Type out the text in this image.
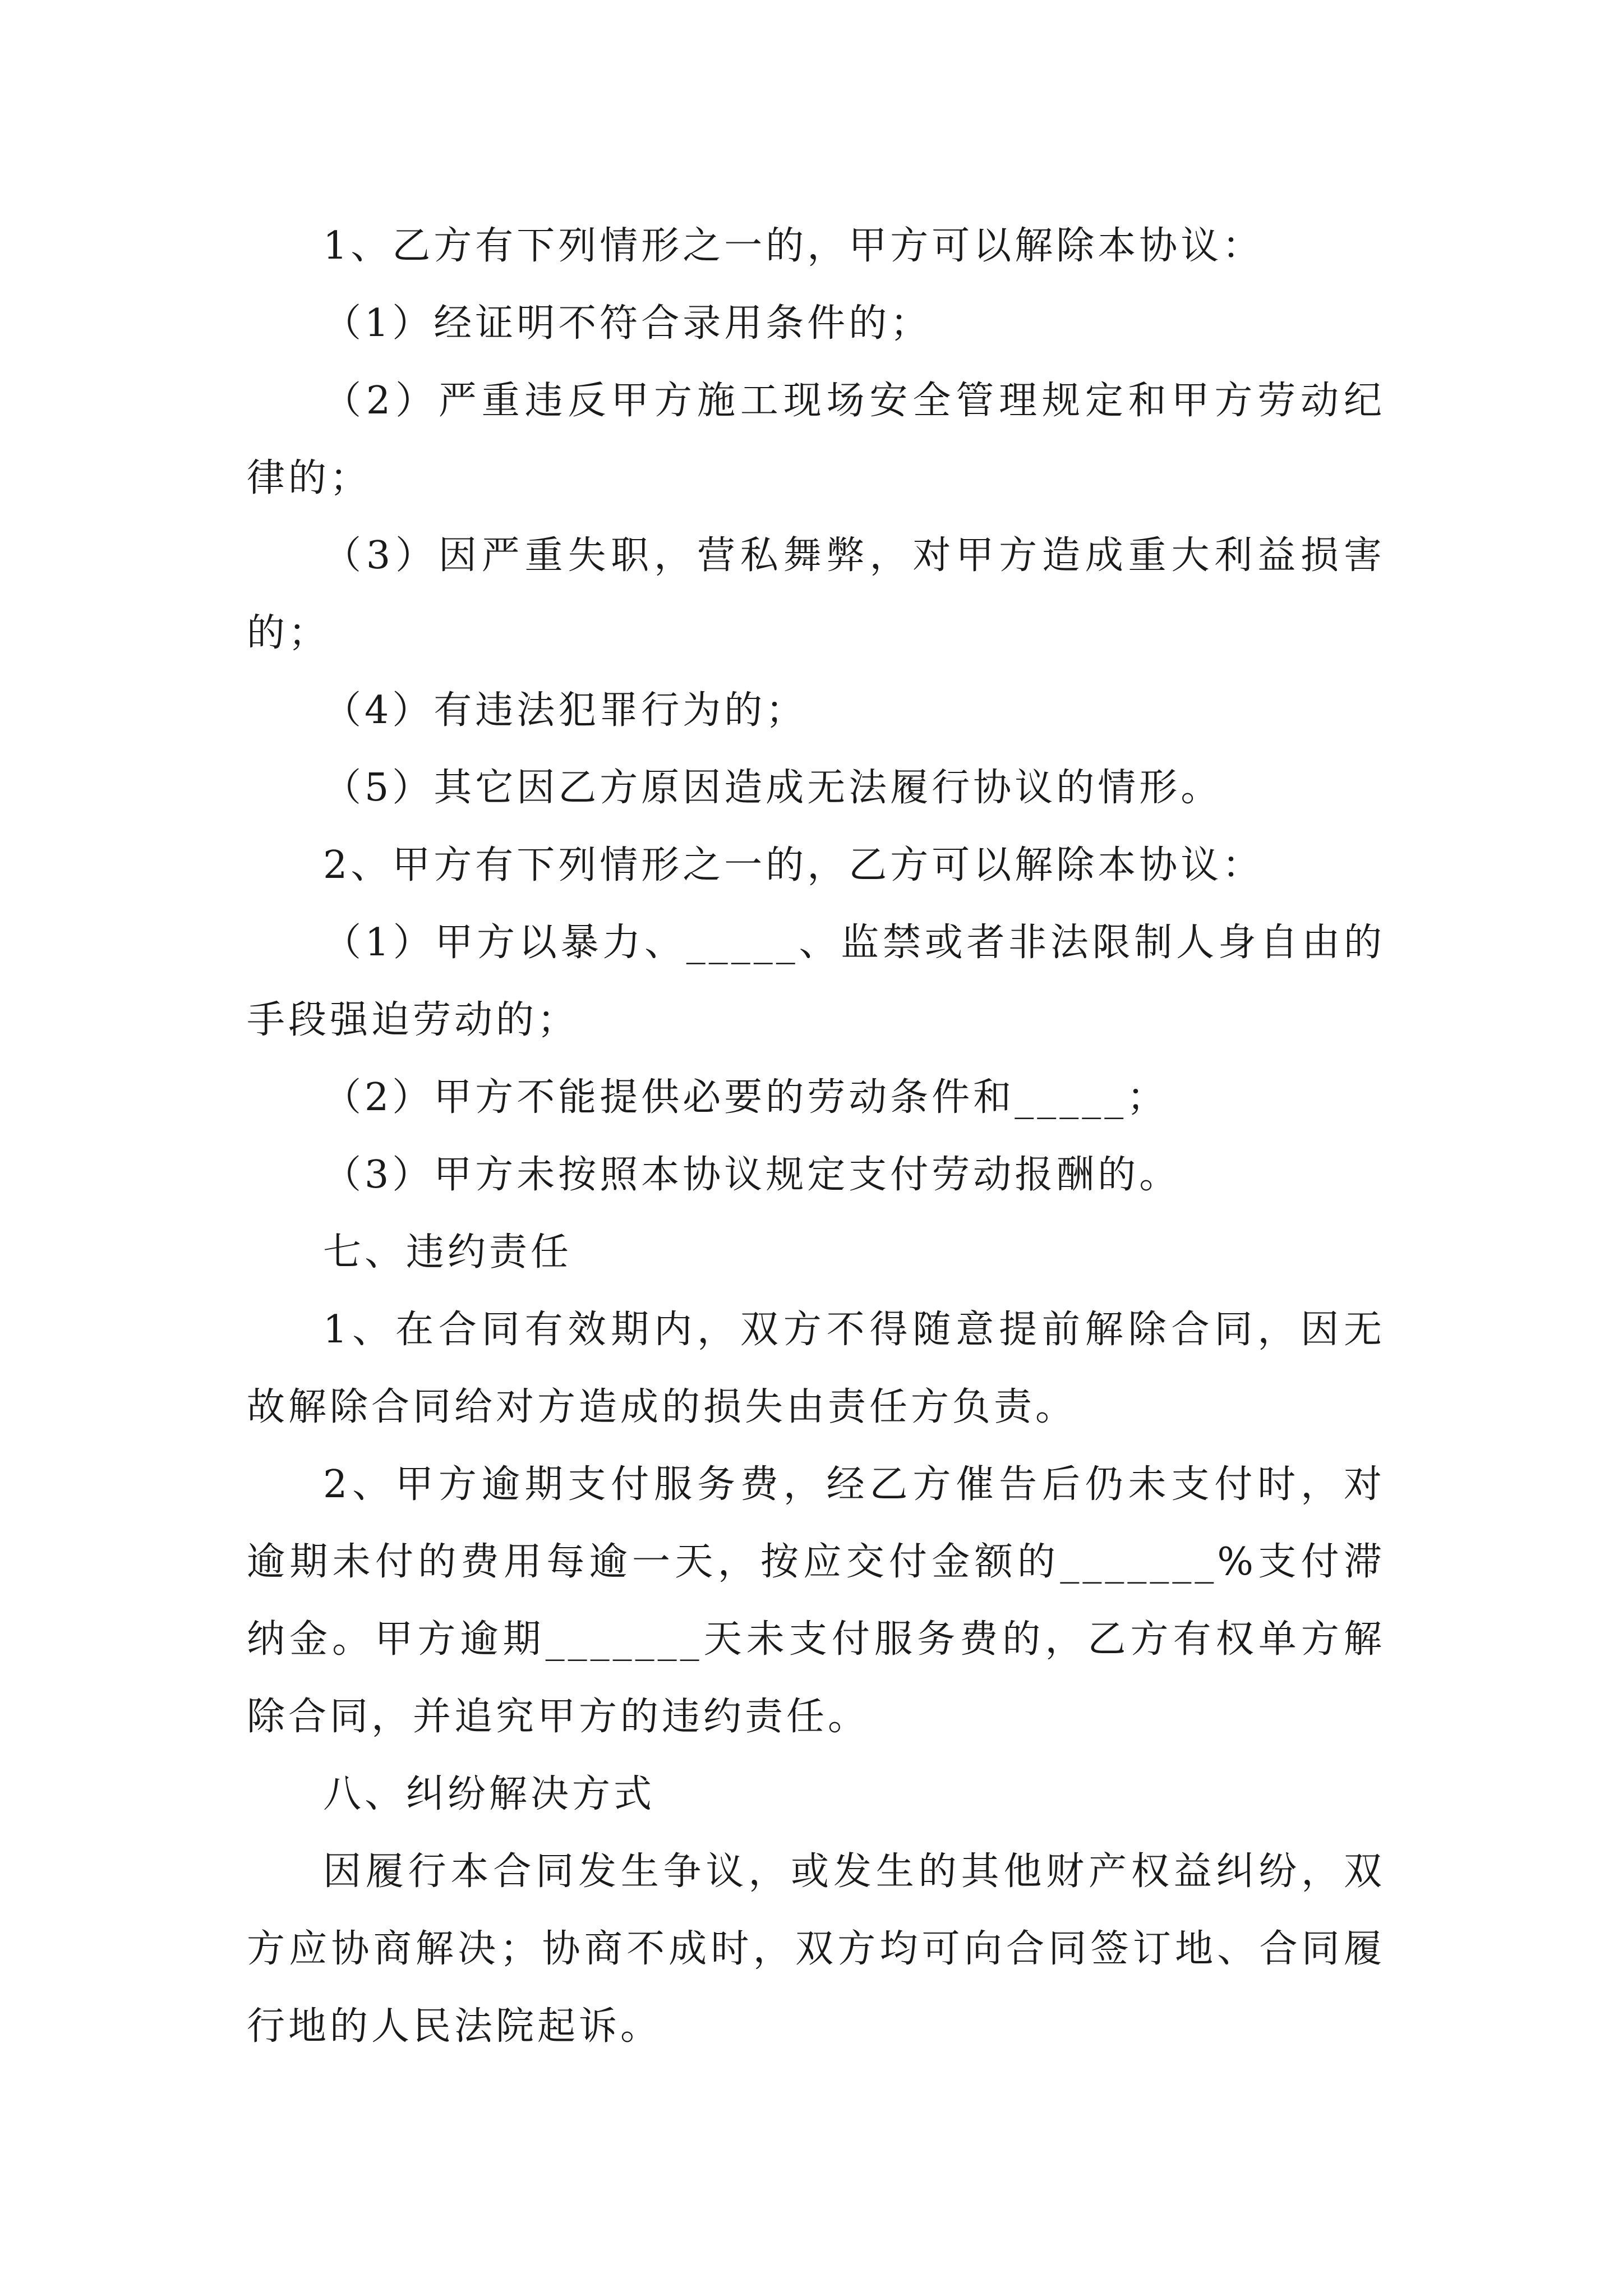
1、乙方有下列情形之一的，甲方可以解除本协议：

（1）经证明不符合录用条件的；

（2）严重违反甲方施工现场安全管理规定和甲方劳动纪律的；

（3）因严重失职，营私舞弊，对甲方造成重大利益损害的；

（4）有违法犯罪行为的；

（5）其它因乙方原因造成无法履行协议的情形。

2、甲方有下列情形之一的，乙方可以解除本协议：

（1）甲方以暴力、_____、监禁或者非法限制人身自由的手段强迫劳动的；

（2）甲方不能提供必要的劳动条件和_____；

（3）甲方未按照本协议规定支付劳动报酬的。

七、违约责任

1、在合同有效期内，双方不得随意提前解除合同，因无故解除合同给对方造成的损失由责任方负责。

2、甲方逾期支付服务费，经乙方催告后仍未支付时，对逾期未付的费用每逾一天，按应交付金额的_______%支付滞纳金。甲方逾期_______天未支付服务费的，乙方有权单方解除合同，并追究甲方的违约责任。

八、纠纷解决方式

因履行本合同发生争议，或发生的其他财产权益纠纷，双方应协商解决；协商不成时，双方均可向合同签订地、合同履行地的人民法院起诉。
